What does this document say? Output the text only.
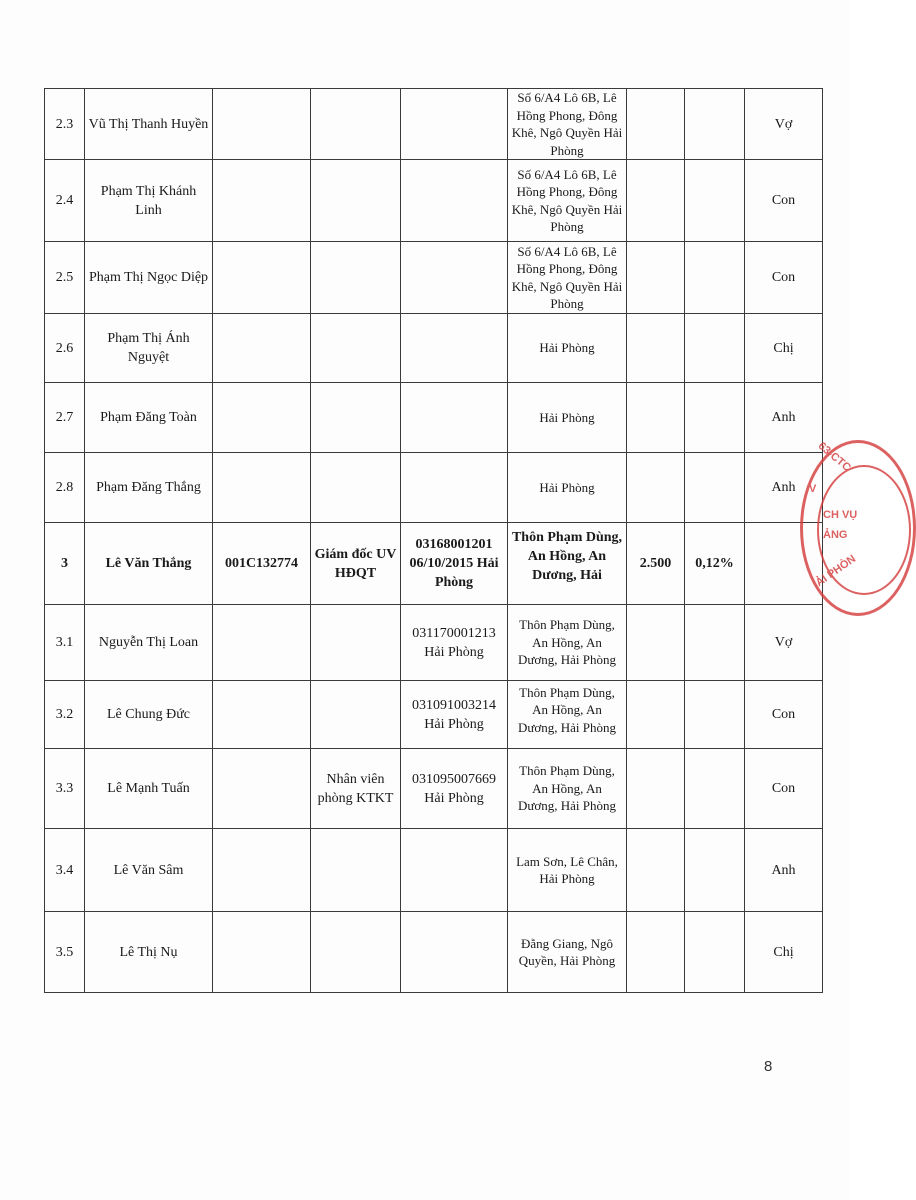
2.3	Vũ Thị Thanh Huyền				Số 6/A4 Lô 6B, Lê Hồng Phong, Đông Khê, Ngô Quyền Hải Phòng			Vợ
2.4	Phạm Thị Khánh Linh				Số 6/A4 Lô 6B, Lê Hồng Phong, Đông Khê, Ngô Quyền Hải Phòng			Con
2.5	Phạm Thị Ngọc Diệp				Số 6/A4 Lô 6B, Lê Hồng Phong, Đông Khê, Ngô Quyền Hải Phòng			Con
2.6	Phạm Thị Ánh Nguyệt				Hải Phòng			Chị
2.7	Phạm Đăng Toàn				Hải Phòng			Anh
2.8	Phạm Đăng Thắng				Hải Phòng			Anh
3	Lê Văn Thắng	001C132774	Giám đốc UV HĐQT	03168001201 06/10/2015 Hải Phòng	Thôn Phạm Dùng, An Hồng, An Dương, Hải	2.500	0,12%	
3.1	Nguyễn Thị Loan			031170001213 Hải Phòng	Thôn Phạm Dùng, An Hồng, An Dương, Hải Phòng			Vợ
3.2	Lê Chung Đức			031091003214 Hải Phòng	Thôn Phạm Dùng, An Hồng, An Dương, Hải Phòng			Con
3.3	Lê Mạnh Tuấn		Nhân viên phòng KTKT	031095007669 Hải Phòng	Thôn Phạm Dùng, An Hồng, An Dương, Hải Phòng			Con
3.4	Lê Văn Sâm				Lam Sơn, Lê Chân, Hải Phòng			Anh
3.5	Lê Thị Nụ				Đằng Giang, Ngô Quyền, Hải Phòng			Chị
63-CTC
V
CH VỤ
ẢNG
ẢI PHÒN
8
